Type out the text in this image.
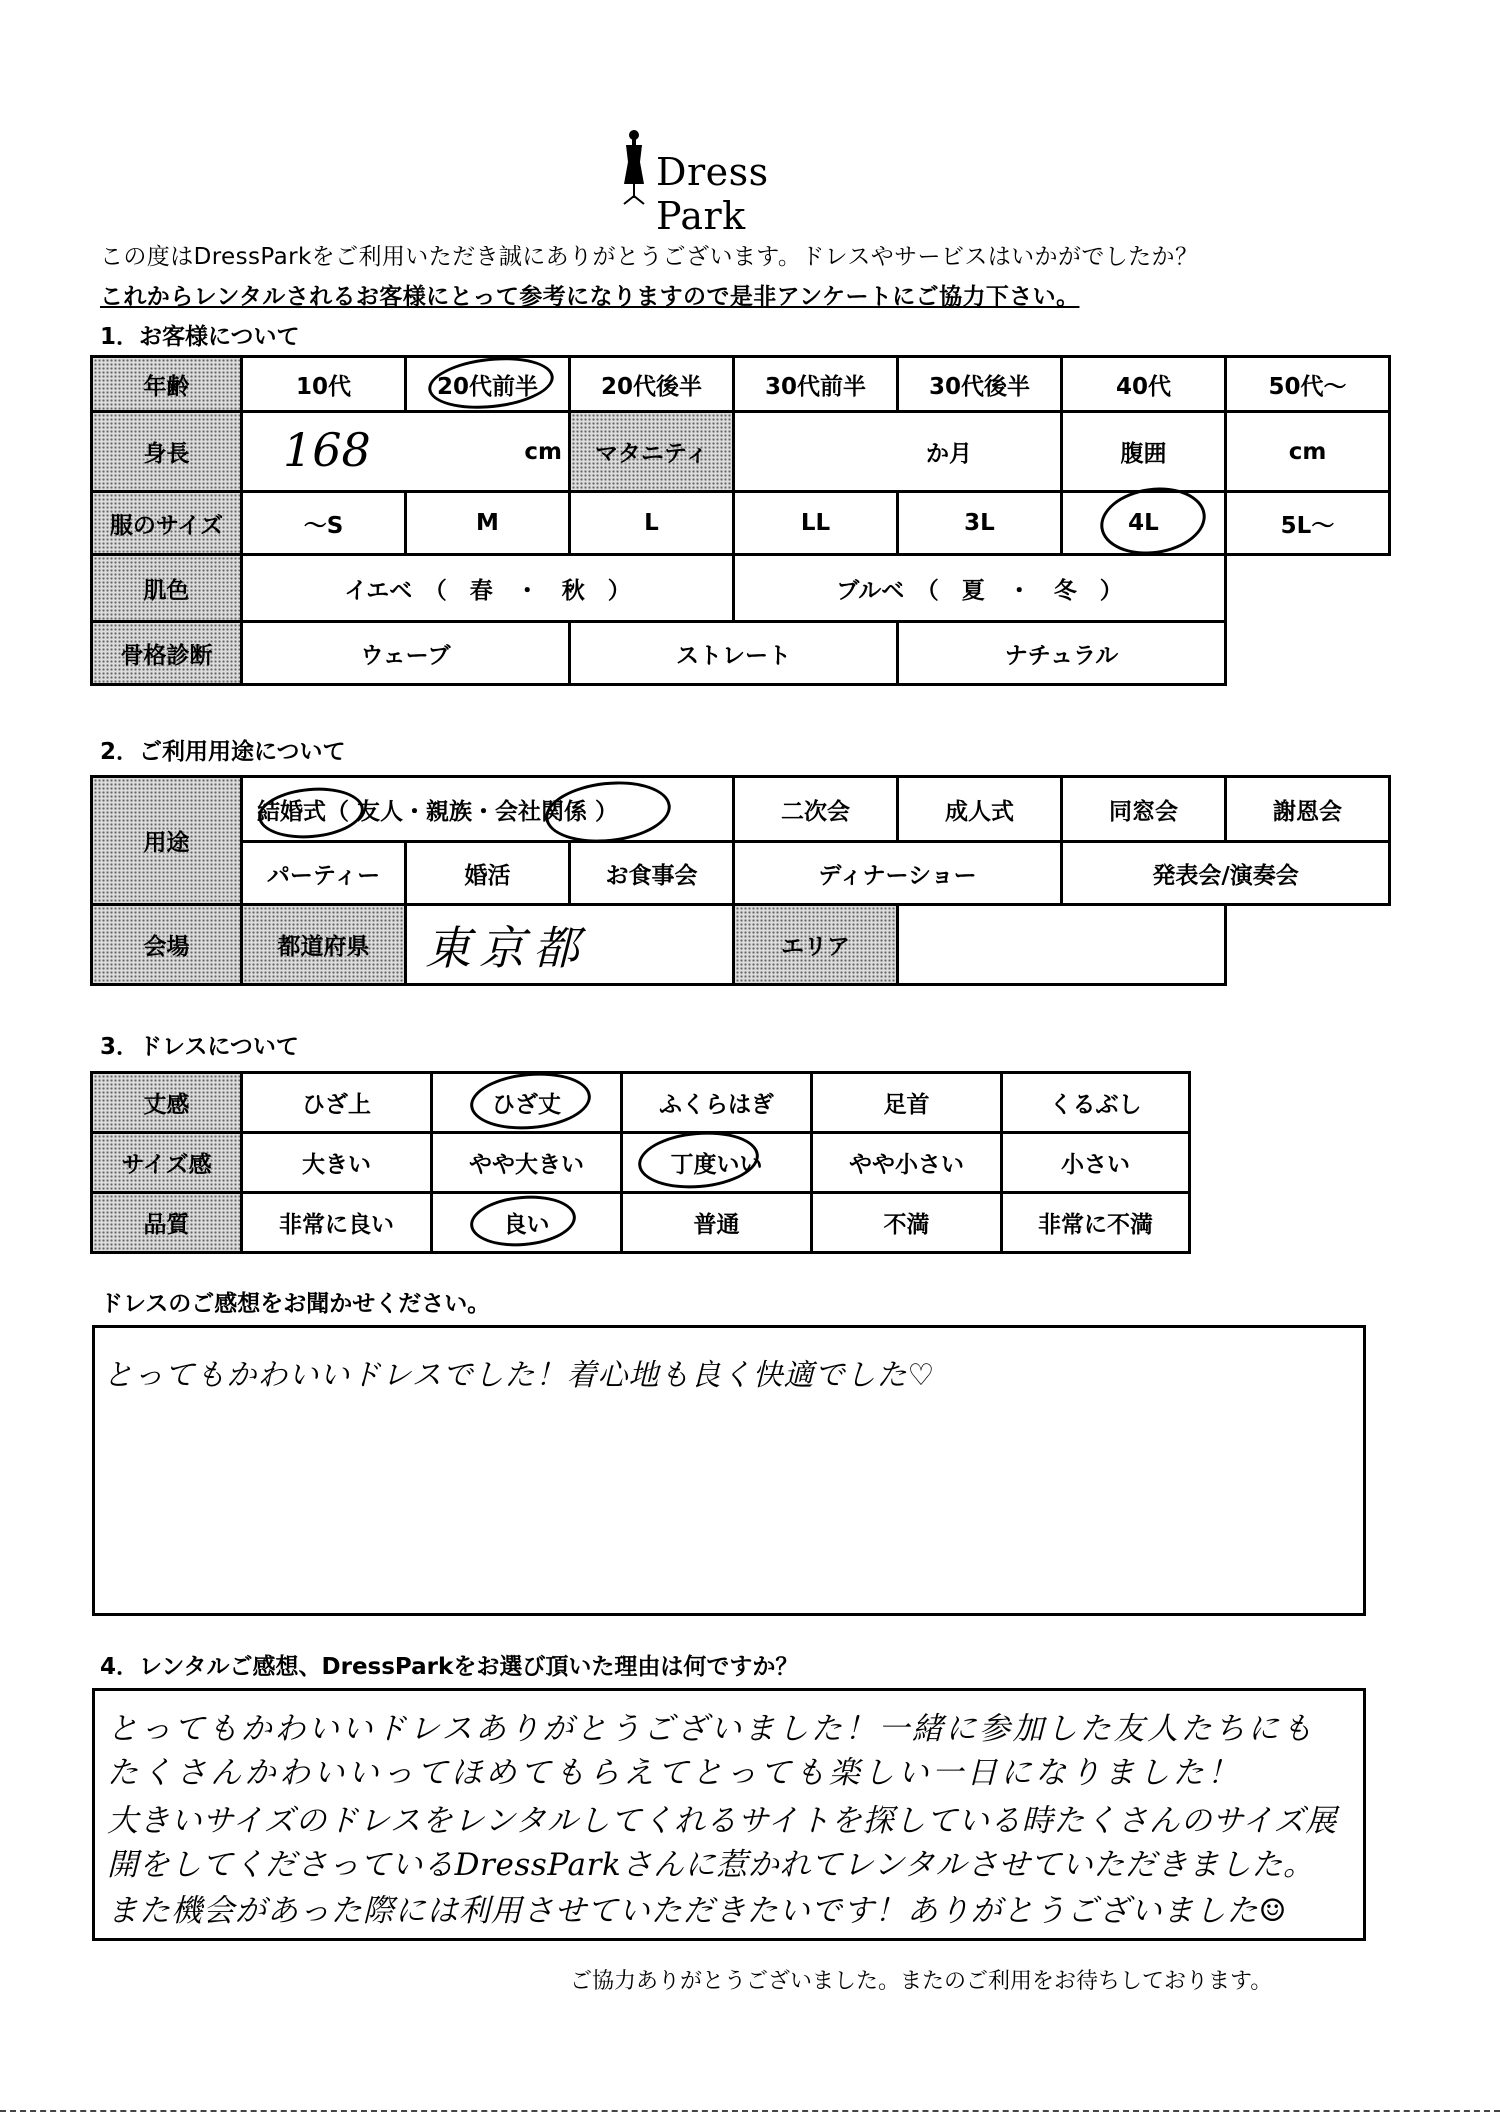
Dress Park
この度はDressParkをご利用いただき誠にありがとうございます。ドレスやサービスはいかがでしたか？
これからレンタルされるお客様にとって参考になりますので是非アンケートにご協力下さい。
1．お客様について
年齢	10代	20代前半	20代後半	30代前半	30代後半	40代	50代～
身長	168 cm		マタニティ	か月		腹囲	cm
服のサイズ	～S	M	L	LL	3L	4L	5L～
肌色	イエベ　（　春　・　秋　）			ブルベ　（　夏　・　冬　）			
骨格診断	ウェーブ		ストレート		ナチュラル		
2．ご利用用途について
用途	結婚式（ 友人・親族・会社関係 ）			二次会	成人式	同窓会	謝恩会
	パーティー	婚活	お食事会	ディナーショー		発表会/演奏会	
会場	都道府県	東京都		エリア			
3．ドレスについて
丈感	ひざ上	ひざ丈	ふくらはぎ	足首	くるぶし
サイズ感	大きい	やや大きい	丁度いい	やや小さい	小さい
品質	非常に良い	良い	普通	不満	非常に不満
ドレスのご感想をお聞かせください。
とってもかわいいドレスでした！着心地も良く快適でした♡
4．レンタルご感想、DressParkをお選び頂いた理由は何ですか？
とってもかわいいドレスありがとうございました！一緒に参加した友人たちにも
たくさんかわいいってほめてもらえてとっても楽しい一日になりました！
大きいサイズのドレスをレンタルしてくれるサイトを探している時たくさんのサイズ展
開をしてくださっているDressParkさんに惹かれてレンタルさせていただきました。
また機会があった際には利用させていただきたいです！ありがとうございました☺
ご協力ありがとうございました。またのご利用をお待ちしております。
